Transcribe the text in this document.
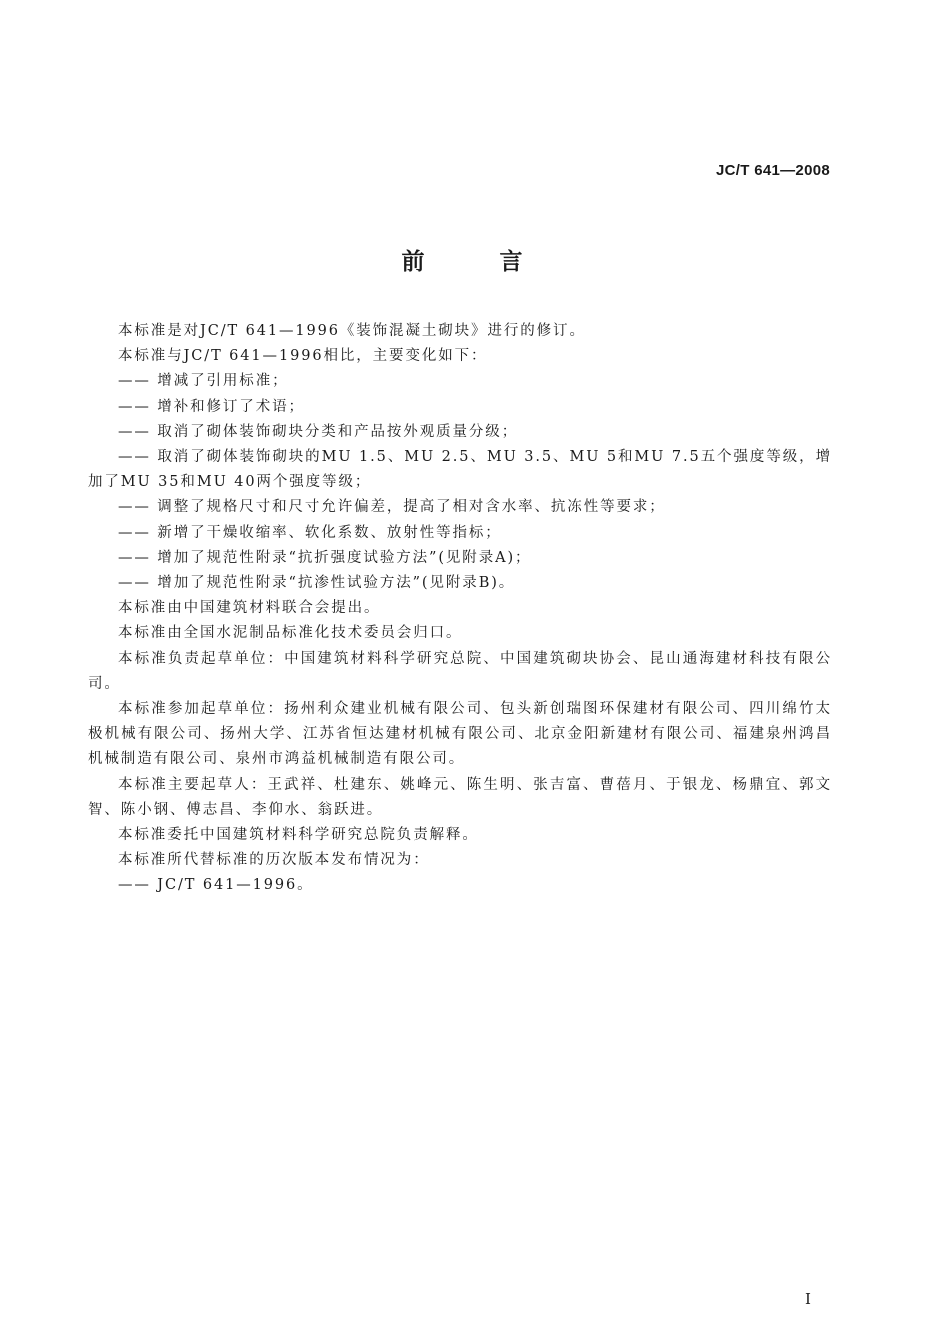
JC/T 641—2008
前　言

本标准是对JC/T 641—1996《装饰混凝土砌块》进行的修订。

本标准与JC/T 641—1996相比，主要变化如下：

—— 增减了引用标准；

—— 增补和修订了术语；

—— 取消了砌体装饰砌块分类和产品按外观质量分级；

—— 取消了砌体装饰砌块的MU 1.5、MU 2.5、MU 3.5、MU 5和MU 7.5五个强度等级，增加了MU 35和MU 40两个强度等级；

—— 调整了规格尺寸和尺寸允许偏差，提高了相对含水率、抗冻性等要求；

—— 新增了干燥收缩率、软化系数、放射性等指标；

—— 增加了规范性附录“抗折强度试验方法”(见附录A)；

—— 增加了规范性附录“抗渗性试验方法”(见附录B)。

本标准由中国建筑材料联合会提出。

本标准由全国水泥制品标准化技术委员会归口。

本标准负责起草单位：中国建筑材料科学研究总院、中国建筑砌块协会、昆山通海建材科技有限公司。

本标准参加起草单位：扬州利众建业机械有限公司、包头新创瑞图环保建材有限公司、四川绵竹太极机械有限公司、扬州大学、江苏省恒达建材机械有限公司、北京金阳新建材有限公司、福建泉州鸿昌机械制造有限公司、泉州市鸿益机械制造有限公司。

本标准主要起草人：王武祥、杜建东、姚峰元、陈生明、张吉富、曹蓓月、于银龙、杨鼎宜、郭文智、陈小钢、傅志昌、李仰水、翁跃进。

本标准委托中国建筑材料科学研究总院负责解释。

本标准所代替标准的历次版本发布情况为：

—— JC/T 641—1996。

I
